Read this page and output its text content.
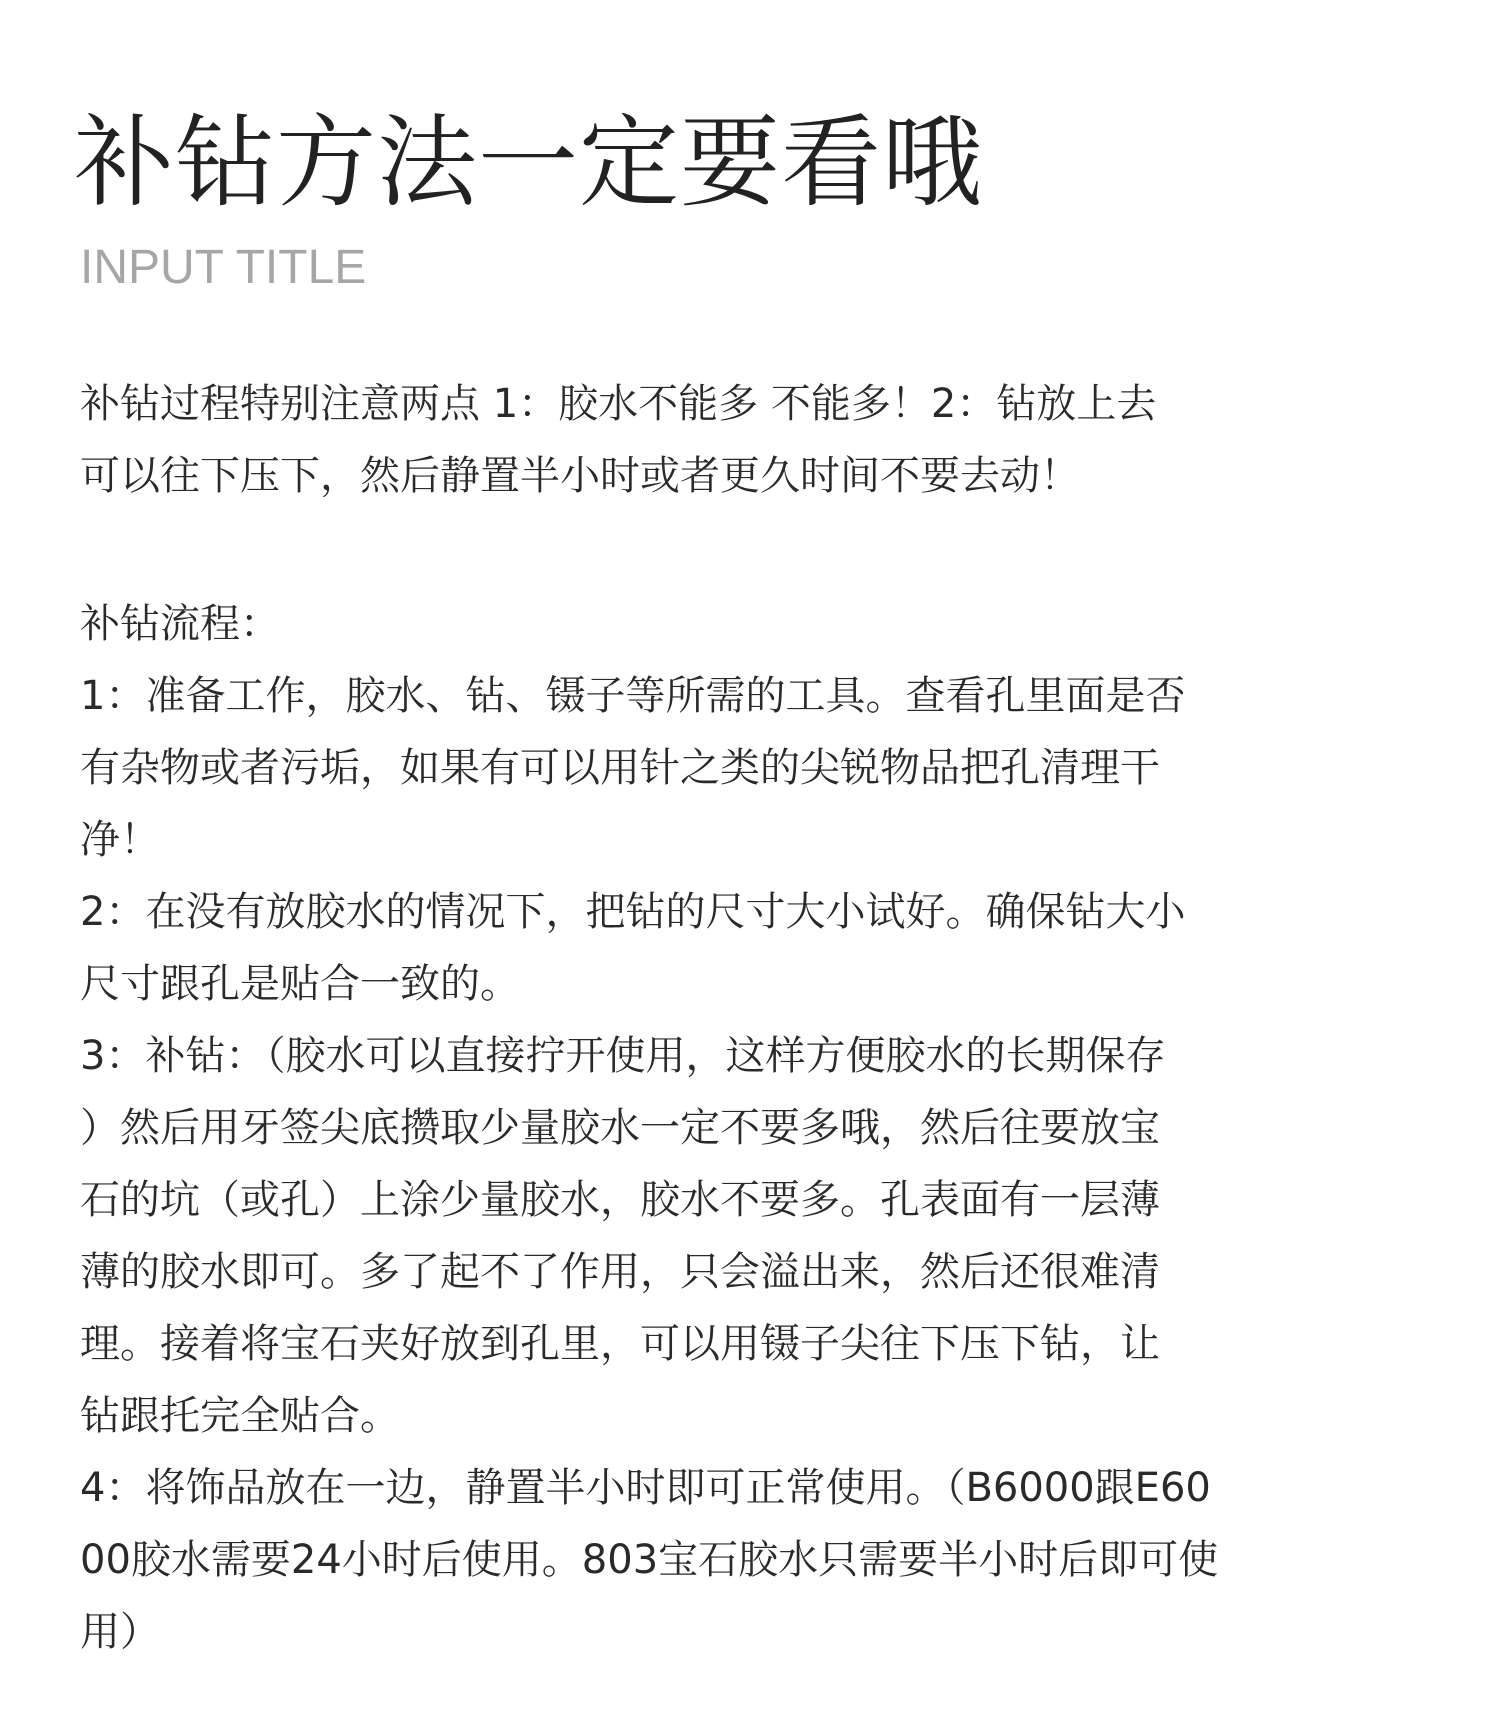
补钻方法一定要看哦
INPUT TITLE
补钻过程特别注意两点 1：胶水不能多 不能多！2：钻放上去
可以往下压下，然后静置半小时或者更久时间不要去动！
补钻流程：
1：准备工作，胶水、钻、镊子等所需的工具。查看孔里面是否
有杂物或者污垢，如果有可以用针之类的尖锐物品把孔清理干
净！
2：在没有放胶水的情况下，把钻的尺寸大小试好。确保钻大小
尺寸跟孔是贴合一致的。
3：补钻：（胶水可以直接拧开使用，这样方便胶水的长期保存
）然后用牙签尖底攒取少量胶水一定不要多哦，然后往要放宝
石的坑（或孔）上涂少量胶水，胶水不要多。孔表面有一层薄
薄的胶水即可。多了起不了作用，只会溢出来，然后还很难清
理。接着将宝石夹好放到孔里，可以用镊子尖往下压下钻，让
钻跟托完全贴合。
4：将饰品放在一边，静置半小时即可正常使用。（B6000跟E60
00胶水需要24小时后使用。803宝石胶水只需要半小时后即可使
用）
